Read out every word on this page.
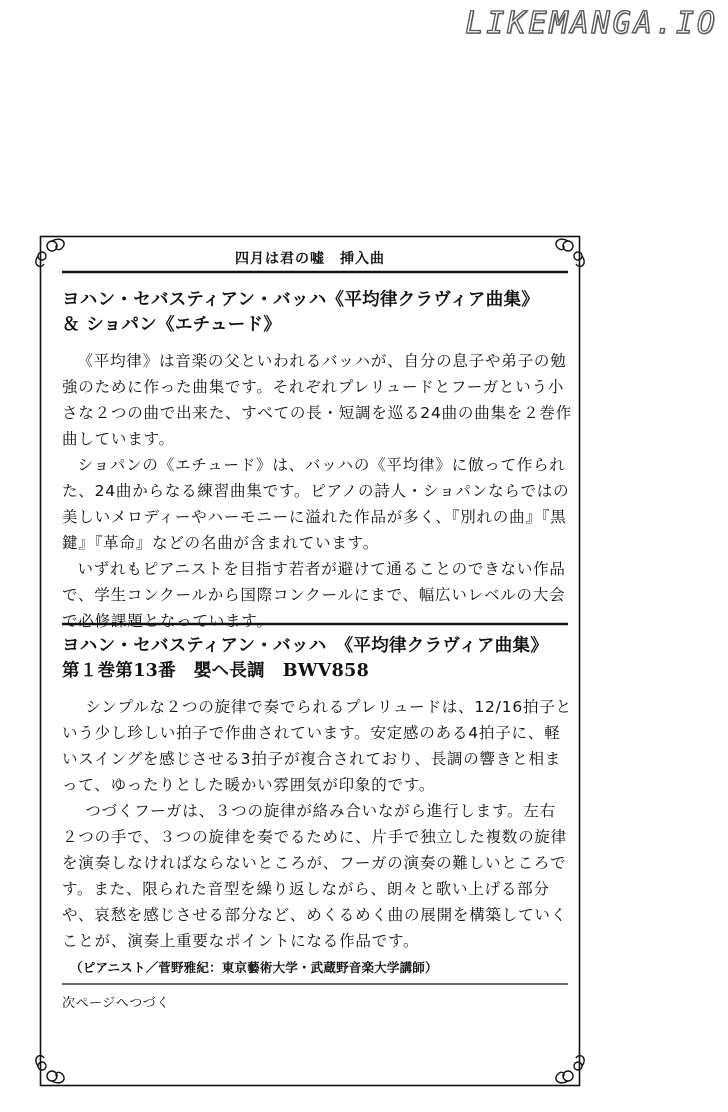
LIKEMANGA.IO
四月は君の嘘　挿入曲
ヨハン・セバスティアン・バッハ《平均律クラヴィア曲集》
＆ ショパン《エチュード》

《平均律》は音楽の父といわれるバッハが、自分の息子や弟子の勉強のために作った曲集です。それぞれプレリュードとフーガという小さな２つの曲で出来た、すべての長・短調を巡る24曲の曲集を２巻作曲しています。

ショパンの《エチュード》は、バッハの《平均律》に倣って作られた、24曲からなる練習曲集です。ピアノの詩人・ショパンならではの美しいメロディーやハーモニーに溢れた作品が多く、『別れの曲』『黒鍵』『革命』などの名曲が含まれています。

いずれもピアニストを目指す若者が避けて通ることのできない作品で、学生コンクールから国際コンクールにまで、幅広いレベルの大会で必修課題となっています。

ヨハン・セバスティアン・バッハ　《平均律クラヴィア曲集》
第１巻第13番　嬰ヘ長調　BWV858

シンプルな２つの旋律で奏でられるプレリュードは、12/16拍子という少し珍しい拍子で作曲されています。安定感のある4拍子に、軽いスイングを感じさせる3拍子が複合されており、長調の響きと相まって、ゆったりとした暖かい雰囲気が印象的です。

つづくフーガは、３つの旋律が絡み合いながら進行します。左右２つの手で、３つの旋律を奏でるために、片手で独立した複数の旋律を演奏しなければならないところが、フーガの演奏の難しいところです。また、限られた音型を繰り返しながら、朗々と歌い上げる部分や、哀愁を感じさせる部分など、めくるめく曲の展開を構築していくことが、演奏上重要なポイントになる作品です。

（ピアニスト／菅野雅紀：東京藝術大学・武蔵野音楽大学講師）
次ページへつづく
